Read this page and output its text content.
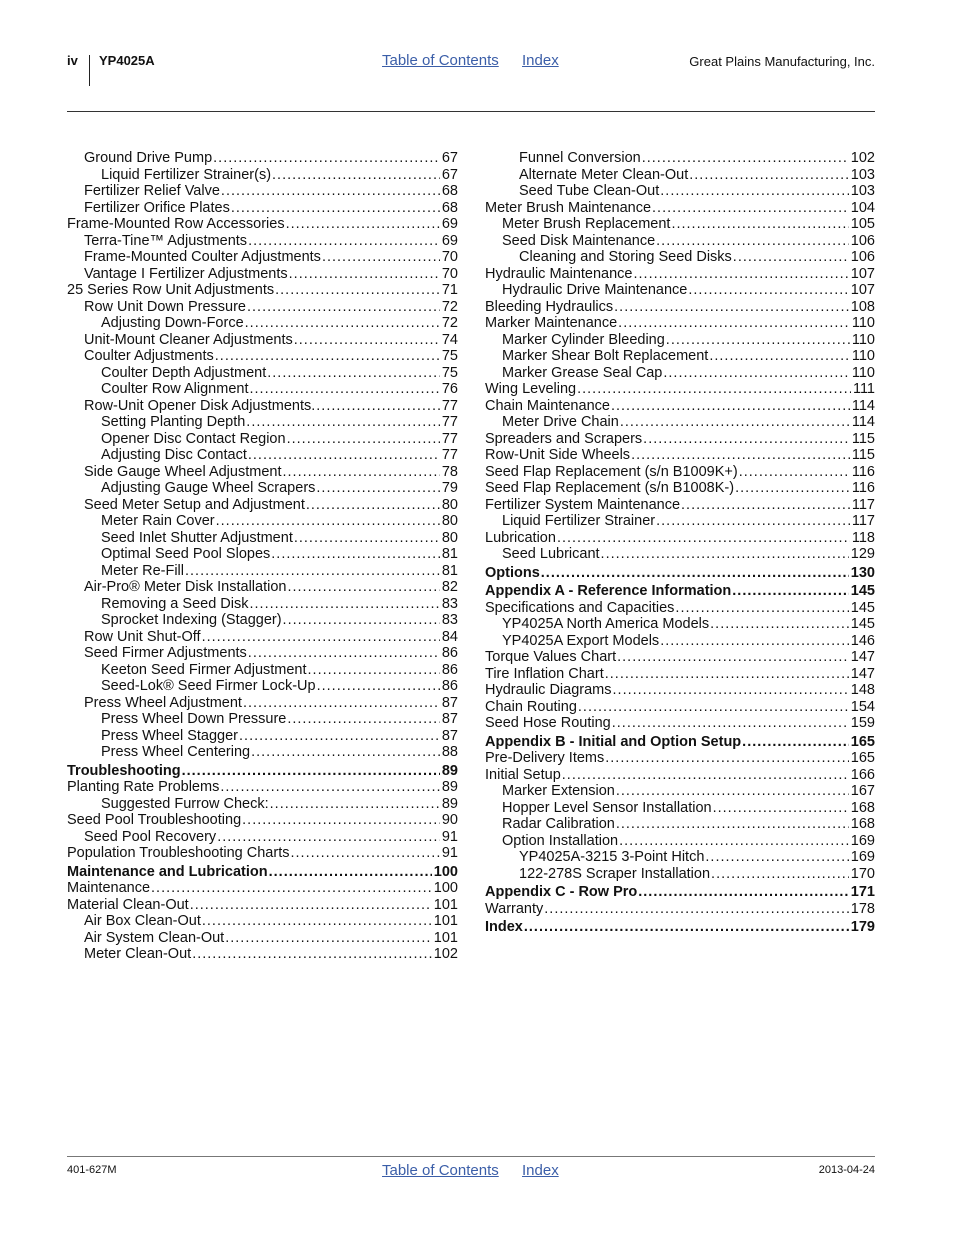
iv YP4025A	Table of Contents Index	Great Plains Manufacturing, Inc.
Ground Drive Pump .....	67
Liquid Fertilizer Strainer(s) .....	67
Fertilizer Relief Valve .....	68
Fertilizer Orifice Plates .....	68
Frame-Mounted Row Accessories .....	69
Terra-Tine™ Adjustments .....	69
Frame-Mounted Coulter Adjustments .....	70
Vantage I Fertilizer Adjustments .....	70
25 Series Row Unit Adjustments .....	71
Row Unit Down Pressure .....	72
Adjusting Down-Force .....	72
Unit-Mount Cleaner Adjustments .....	74
Coulter Adjustments .....	75
Coulter Depth Adjustment .....	75
Coulter Row Alignment .....	76
Row-Unit Opener Disk Adjustments. .....	77
Setting Planting Depth .....	77
Opener Disc Contact Region .....	77
Adjusting Disc Contact .....	77
Side Gauge Wheel Adjustment .....	78
Adjusting Gauge Wheel Scrapers .....	79
Seed Meter Setup and Adjustment .....	80
Meter Rain Cover .....	80
Seed Inlet Shutter Adjustment .....	80
Optimal Seed Pool Slopes .....	81
Meter Re-Fill .....	81
Air-Pro® Meter Disk Installation .....	82
Removing a Seed Disk .....	83
Sprocket Indexing (Stagger) .....	83
Row Unit Shut-Off .....	84
Seed Firmer Adjustments .....	86
Keeton Seed Firmer Adjustment .....	86
Seed-Lok® Seed Firmer Lock-Up .....	86
Press Wheel Adjustment .....	87
Press Wheel Down Pressure .....	87
Press Wheel Stagger .....	87
Press Wheel Centering .....	88
Troubleshooting .....	89
Planting Rate Problems .....	89
Suggested Furrow Check: .....	89
Seed Pool Troubleshooting .....	90
Seed Pool Recovery .....	91
Population Troubleshooting Charts .....	91
Maintenance and Lubrication .....	100
Maintenance .....	100
Material Clean-Out .....	101
Air Box Clean-Out .....	101
Air System Clean-Out .....	101
Meter Clean-Out .....	102
Funnel Conversion .....	102
Alternate Meter Clean-Out .....	103
Seed Tube Clean-Out .....	103
Meter Brush Maintenance .....	104
Meter Brush Replacement .....	105
Seed Disk Maintenance .....	106
Cleaning and Storing Seed Disks .....	106
Hydraulic Maintenance .....	107
Hydraulic Drive Maintenance .....	107
Bleeding Hydraulics .....	108
Marker Maintenance .....	110
Marker Cylinder Bleeding .....	110
Marker Shear Bolt Replacement .....	110
Marker Grease Seal Cap .....	110
Wing Leveling .....	111
Chain Maintenance .....	114
Meter Drive Chain .....	114
Spreaders and Scrapers .....	115
Row-Unit Side Wheels .....	115
Seed Flap Replacement (s/n B1009K+) .....	116
Seed Flap Replacement (s/n B1008K-) .....	116
Fertilizer System Maintenance .....	117
Liquid Fertilizer Strainer .....	117
Lubrication .....	118
Seed Lubricant .....	129
Options .....	130
Appendix A - Reference Information .....	145
Specifications and Capacities .....	145
YP4025A North America Models .....	145
YP4025A Export Models .....	146
Torque Values Chart .....	147
Tire Inflation Chart .....	147
Hydraulic Diagrams .....	148
Chain Routing .....	154
Seed Hose Routing .....	159
Appendix B - Initial and Option Setup .....	165
Pre-Delivery Items .....	165
Initial Setup .....	166
Marker Extension .....	167
Hopper Level Sensor Installation .....	168
Radar Calibration .....	168
Option Installation .....	169
YP4025A-3215 3-Point Hitch .....	169
122-278S Scraper Installation .....	170
Appendix C - Row Pro .....	171
Warranty .....	178
Index .....	179
401-627M	Table of Contents Index	2013-04-24
